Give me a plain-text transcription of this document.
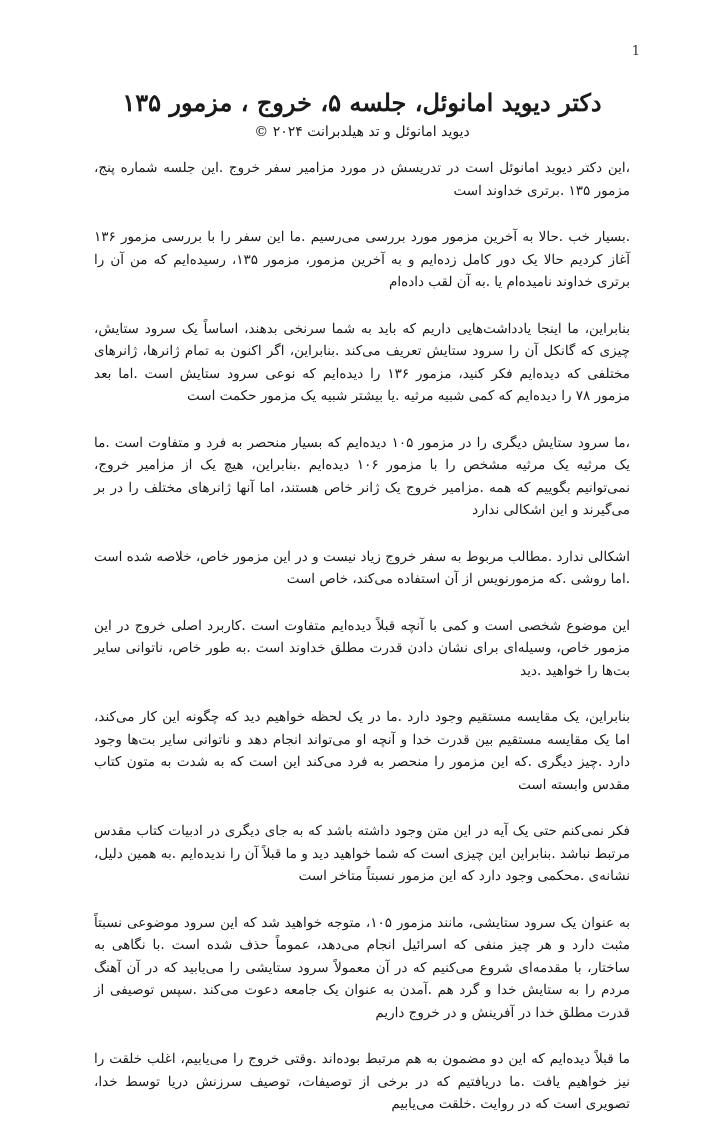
1
دکتر دیوید امانوئل، جلسه ۵، خروج ، مزمور ۱۳۵
دیوید امانوئل و تد هیلدبرانت ۲۰۲۴ ©

،این دکتر دیوید امانوئل است در تدریسش در مورد مزامیر سفر خروج .این جلسه شماره پنج، مزمور ۱۳۵ .برتری خداوند است

.بسیار خب .حالا به آخرین مزمور مورد بررسی می‌رسیم .ما این سفر را با بررسی مزمور ۱۳۶ آغاز کردیم حالا یک دور کامل زده‌ایم و به آخرین مزمور، مزمور ۱۳۵، رسیده‌ایم که من آن را برتری خداوند نامیده‌ام یا .به آن لقب داده‌ام

بنابراین، ما اینجا یادداشت‌هایی داریم که باید به شما سرنخی بدهند، اساساً یک سرود ستایش، چیزی که گانکل آن را سرود ستایش تعریف می‌کند .بنابراین، اگر اکنون به تمام ژانرها، ژانرهای مختلفی که دیده‌ایم فکر کنید، مزمور ۱۳۶ را دیده‌ایم که نوعی سرود ستایش است .اما بعد مزمور ۷۸ را دیده‌ایم که کمی شبیه مرثیه .یا بیشتر شبیه یک مزمور حکمت است

،ما سرود ستایش دیگری را در مزمور ۱۰۵ دیده‌ایم که بسیار منحصر به فرد و متفاوت است .ما یک مرثیه یک مرثیه مشخص را با مزمور ۱۰۶ دیده‌ایم .بنابراین، هیچ یک از مزامیر خروج، نمی‌توانیم بگوییم که همه .مزامیر خروج یک ژانر خاص هستند، اما آنها ژانرهای مختلف را در بر می‌گیرند و این اشکالی ندارد

اشکالی ندارد .مطالب مربوط به سفر خروج زیاد نیست و در این مزمور خاص، خلاصه شده است .اما روشی .که مزمورنویس از آن استفاده می‌کند، خاص است

این موضوع شخصی است و کمی با آنچه قبلاً دیده‌ایم متفاوت است .کاربرد اصلی خروج در این مزمور خاص، وسیله‌ای برای نشان دادن قدرت مطلق خداوند است .به طور خاص، ناتوانی سایر بت‌ها را خواهید .دید

بنابراین، یک مقایسه مستقیم وجود دارد .ما در یک لحظه خواهیم دید که چگونه این کار می‌کند، اما یک مقایسه مستقیم بین قدرت خدا و آنچه او می‌تواند انجام دهد و ناتوانی سایر بت‌ها وجود دارد .چیز دیگری .که این مزمور را منحصر به فرد می‌کند این است که به شدت به متون کتاب مقدس وابسته است

فکر نمی‌کنم حتی یک آیه در این متن وجود داشته باشد که به جای دیگری در ادبیات کتاب مقدس مرتبط نباشد .بنابراین این چیزی است که شما خواهید دید و ما قبلاً آن را ندیده‌ایم .به همین دلیل، نشانه‌ی .محکمی وجود دارد که این مزمور نسبتاً متاخر است

به عنوان یک سرود ستایشی، مانند مزمور ۱۰۵، متوجه خواهید شد که این سرود موضوعی نسبتاً مثبت دارد و هر چیز منفی که اسرائیل انجام می‌دهد، عموماً حذف شده است .با نگاهی به ساختار، با مقدمه‌ای شروع می‌کنیم که در آن معمولاً سرود ستایشی را می‌یابید که در آن آهنگ مردم را به ستایش خدا و گرد هم .آمدن به عنوان یک جامعه دعوت می‌کند .سپس توصیفی از قدرت مطلق خدا در آفرینش و در خروج داریم

ما قبلاً دیده‌ایم که این دو مضمون به هم مرتبط بوده‌اند .وقتی خروج را می‌یابیم، اغلب خلقت را نیز خواهیم یافت .ما دریافتیم که در برخی از توصیفات، توصیف سرزنش دریا توسط خدا، تصویری است که در روایت .خلقت می‌یابیم
